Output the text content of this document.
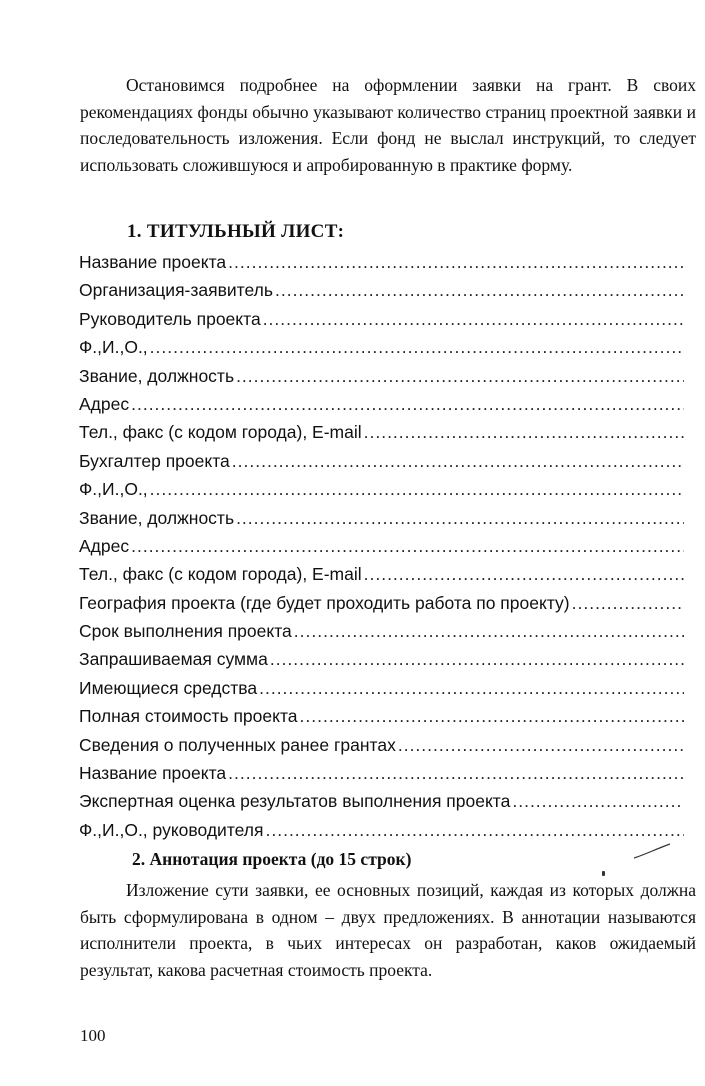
Остановимся подробнее на оформлении заявки на грант. В своих рекомендациях фонды обычно указывают количество страниц проектной заявки и последовательность изложения. Если фонд не выслал инструкций, то следует использовать сложившуюся и апробированную в практике форму.

1. ТИТУЛЬНЫЙ ЛИСТ:
Название проекта
.....
Организация-заявитель
.....
Руководитель проекта
.....
Ф.,И.,О.,
.....
Звание, должность
.....
Адрес
.....
Тел., факс (с кодом города), E-mail
.....
Бухгалтер проекта
.....
Ф.,И.,О.,
.....
Звание, должность
.....
Адрес
.....
Тел., факс (с кодом города), E-mail
.....
География проекта (где будет проходить работа по проекту)
.....
Срок выполнения проекта
.....
Запрашиваемая сумма
.....
Имеющиеся средства
.....
Полная стоимость проекта
.....
Сведения о полученных ранее грантах
.....
Название проекта
.....
Экспертная оценка результатов выполнения проекта
.....
Ф.,И.,О., руководителя
.....
2. Аннотация проекта (до 15 строк)

Изложение сути заявки, ее основных позиций, каждая из которых должна быть сформулирована в одном – двух предложениях. В аннотации называются исполнители проекта, в чьих интересах он разработан, каков ожидаемый результат, какова расчетная стоимость проекта.

100
